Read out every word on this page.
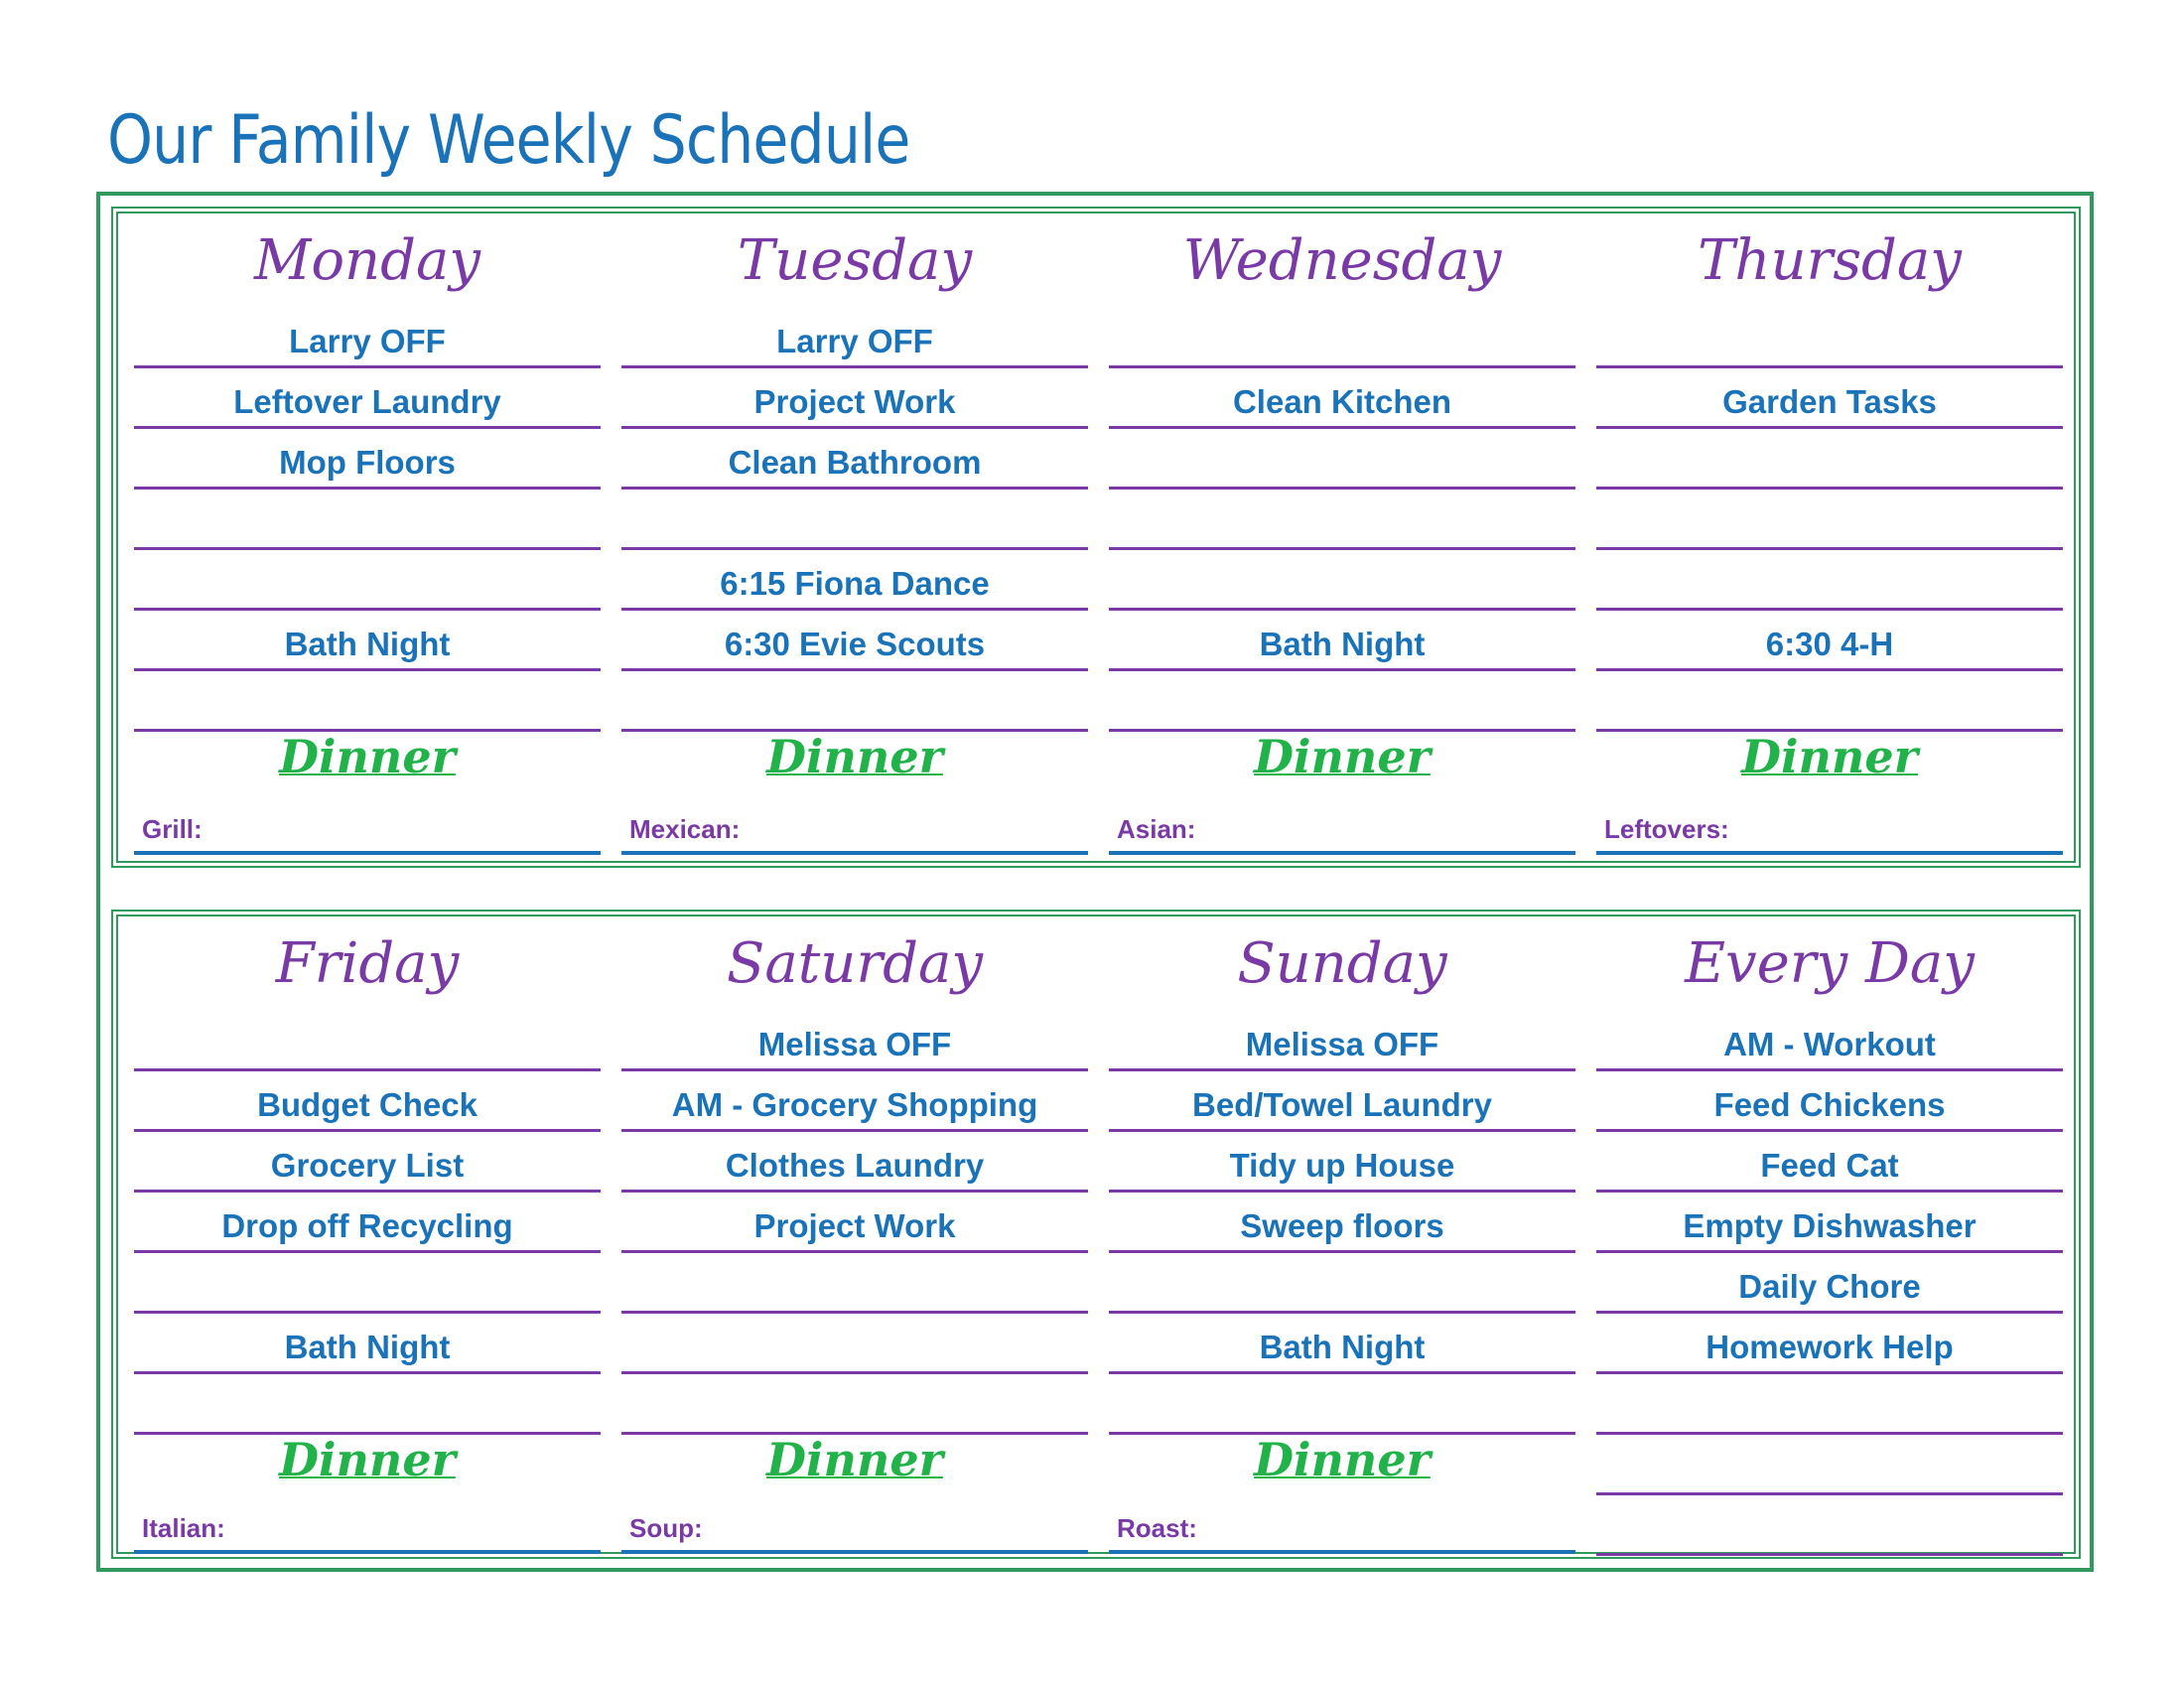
Our Family Weekly Schedule
Monday
Larry OFF
Leftover Laundry
Mop Floors
Bath Night
Dinner
Grill:
Tuesday
Larry OFF
Project Work
Clean Bathroom
6:15 Fiona Dance
6:30 Evie Scouts
Dinner
Mexican:
Wednesday
Clean Kitchen
Bath Night
Dinner
Asian:
Thursday
Garden Tasks
6:30 4-H
Dinner
Leftovers:
Friday
Budget Check
Grocery List
Drop off Recycling
Bath Night
Dinner
Italian:
Saturday
Melissa OFF
AM - Grocery Shopping
Clothes Laundry
Project Work
Dinner
Soup:
Sunday
Melissa OFF
Bed/Towel Laundry
Tidy up House
Sweep floors
Bath Night
Dinner
Roast:
Every Day
AM - Workout
Feed Chickens
Feed Cat
Empty Dishwasher
Daily Chore
Homework Help
